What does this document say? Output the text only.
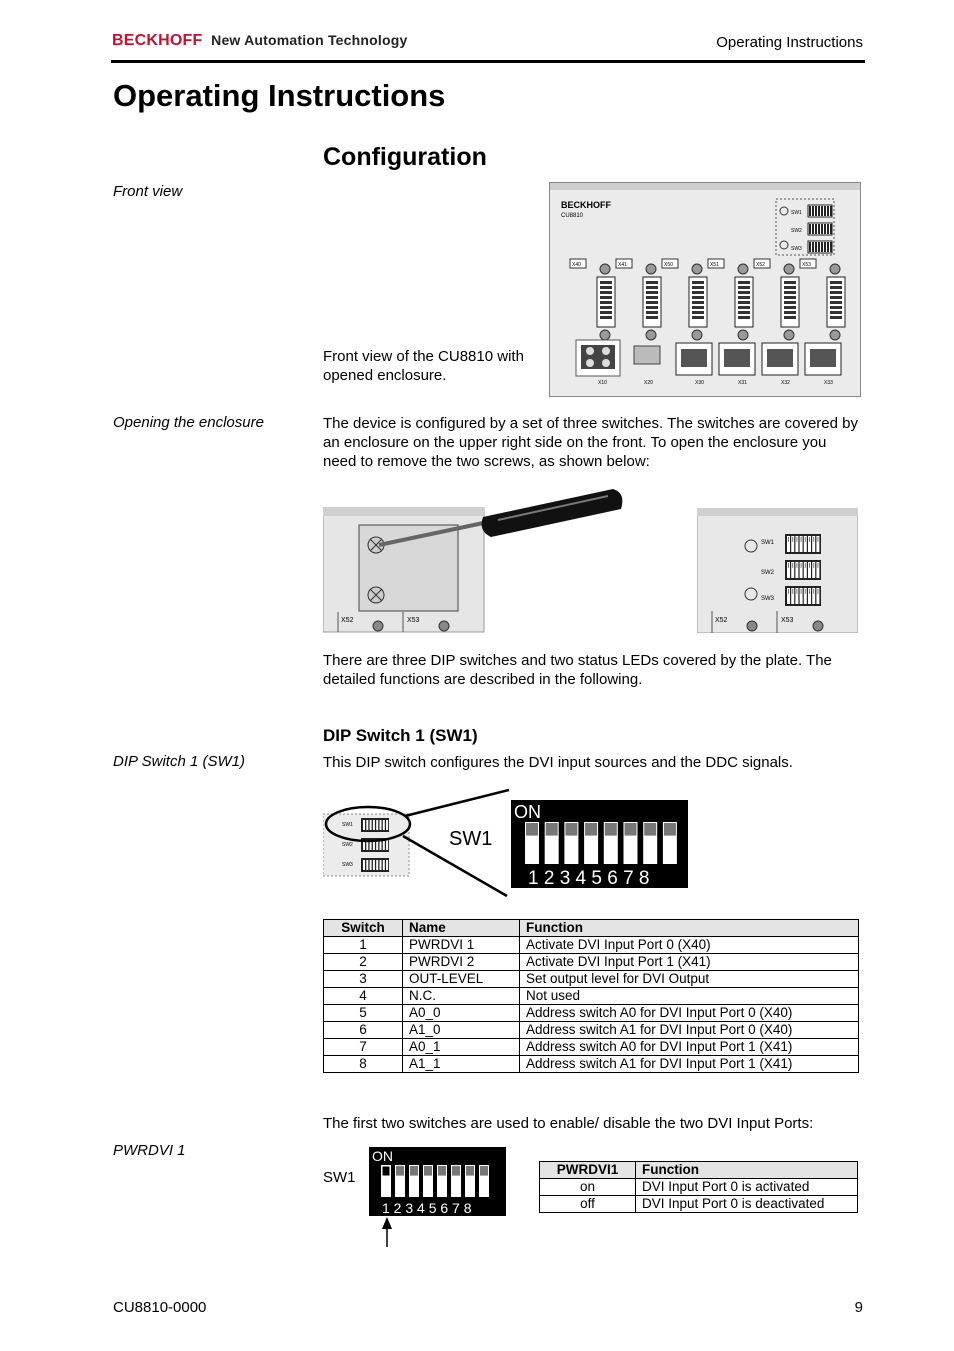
BECKHOFF New Automation Technology	Operating Instructions
Operating Instructions
Configuration
Front view
Front view of the CU8810 with opened enclosure.
BECKHOFF
CU8810	SW1
SW2
SW3
X40	X41	X50	X51	X52	X53
X10	X20	X30	X31	X32	X33
Opening the enclosure	The device is configured by a set of three switches. The switches are covered by an enclosure on the upper right side on the front. To open the enclosure you need to remove the two screws, as shown below:
X52	X53
SW1
SW2
SW3
X52	X53
There are three DIP switches and two status LEDs covered by the plate. The detailed functions are described in the following.
DIP Switch 1 (SW1)
DIP Switch 1 (SW1)	This DIP switch configures the DVI input sources and the DDC signals.
SW1
SW2
SW3
SW1
ON
1 2 3 4 5 6 7 8
Switch	Name	Function
1	PWRDVI 1	Activate DVI Input Port 0 (X40)
2	PWRDVI 2	Activate DVI Input Port 1 (X41)
3	OUT-LEVEL	Set output level for DVI Output
4	N.C.	Not used
5	A0_0	Address switch A0 for DVI Input Port 0 (X40)
6	A1_0	Address switch A1 for DVI Input Port 0 (X40)
7	A0_1	Address switch A0 for DVI Input Port 1 (X41)
8	A1_1	Address switch A1 for DVI Input Port 1 (X41)
The first two switches are used to enable/ disable the two DVI Input Ports:
PWRDVI 1
SW1
ON
1 2 3 4 5 6 7 8
PWRDVI1	Function
on	DVI Input Port 0 is activated
off	DVI Input Port 0 is deactivated
CU8810-0000	9
